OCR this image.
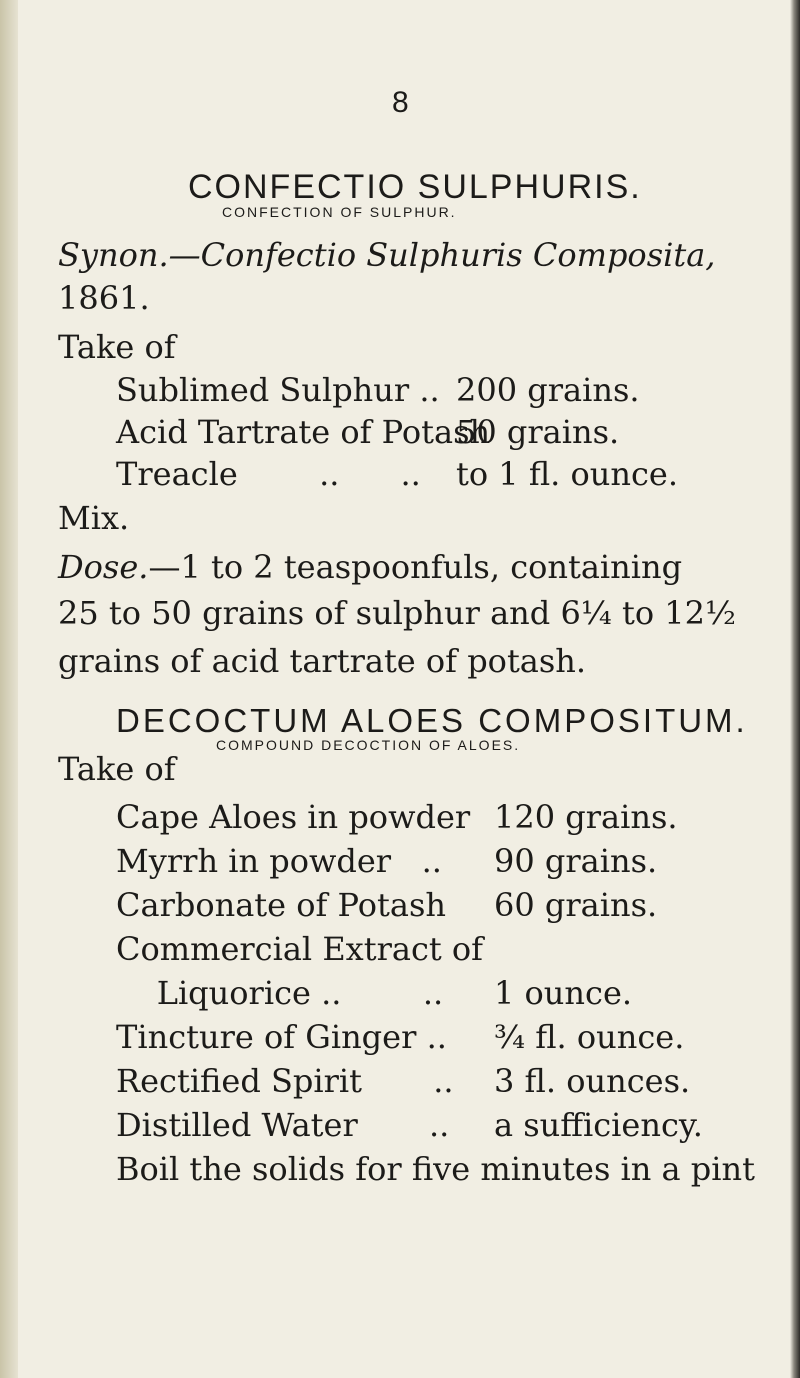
8
CONFECTIO SULPHURIS.
CONFECTION OF SULPHUR.
Synon.—Confectio Sulphuris Composita,
1861.
Take of
Sublimed Sulphur .. 200 grains.
Acid Tartrate of Potash
50 grains.
Treacle        ..      .. to 1 fl. ounce.
Mix.
Dose.—1 to 2 teaspoonfuls, containing
25 to 50 grains of sulphur and 6¼ to 12½
grains of acid tartrate of potash.
DECOCTUM ALOES COMPOSITUM.
COMPOUND DECOCTION OF ALOES.
Take of
Cape Aloes in powder 120 grains.
Myrrh in powder   .. 90 grains.
Carbonate of Potash 60 grains.
Commercial Extract of
Liquorice ..        .. 1 ounce.
Tincture of Ginger .. ¾ fl. ounce.
Rectified Spirit       .. 3 fl. ounces.
Distilled Water       .. a sufficiency.
Boil the solids for five minutes in a pint
